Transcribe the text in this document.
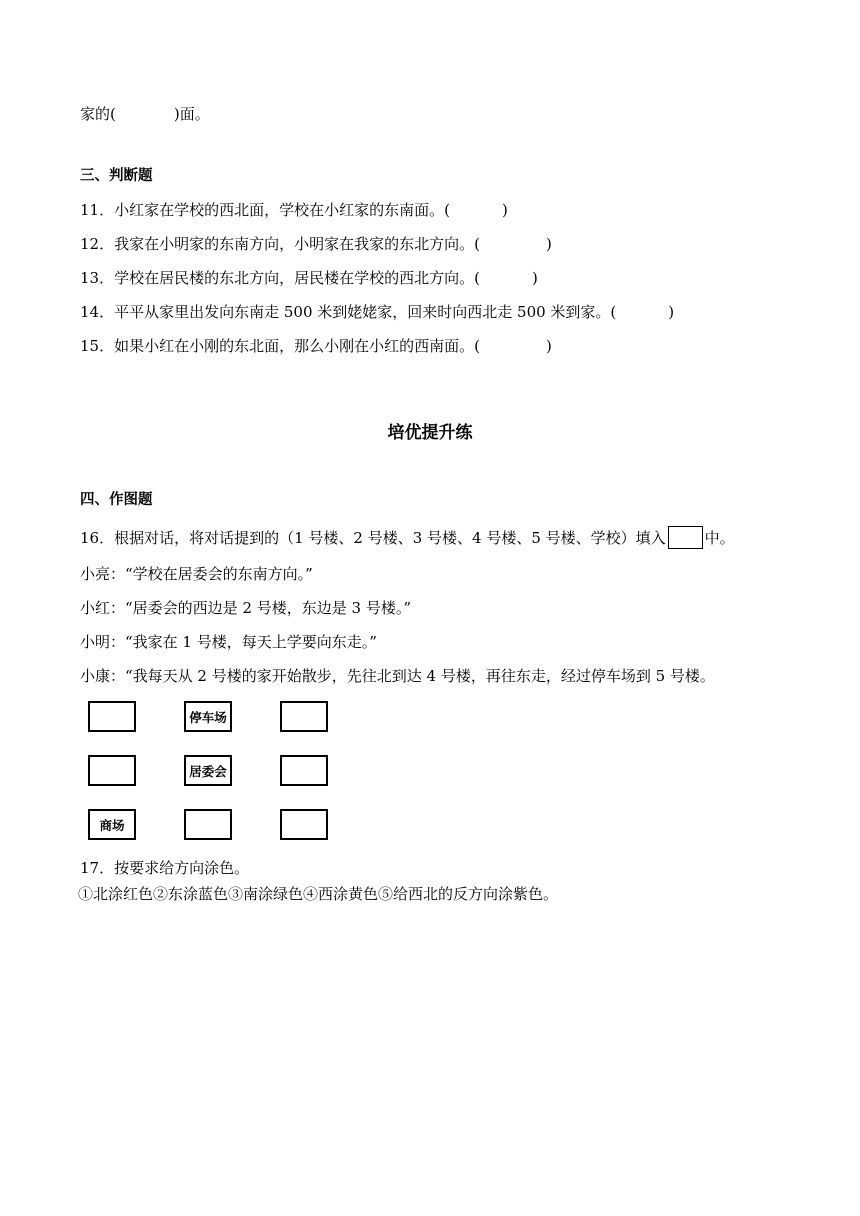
家的(	)面。
三、判断题
11．小红家在学校的西北面，学校在小红家的东南面。(	)
12．我家在小明家的东南方向，小明家在我家的东北方向。(	)
13．学校在居民楼的东北方向，居民楼在学校的西北方向。(	)
14．平平从家里出发向东南走 500 米到姥姥家，回来时向西北走 500 米到家。(	)
15．如果小红在小刚的东北面，那么小刚在小红的西南面。(	)
培优提升练
四、作图题
16．根据对话，将对话提到的（1 号楼、2 号楼、3 号楼、4 号楼、5 号楼、学校）填入	中。
小亮：“学校在居委会的东南方向。”
小红：“居委会的西边是 2 号楼，东边是 3 号楼。”
小明：“我家在 1 号楼，每天上学要向东走。”
小康：“我每天从 2 号楼的家开始散步，先往北到达 4 号楼，再往东走，经过停车场到 5 号楼。
停车场
居委会
商场
17．按要求给方向涂色。
①北涂红色②东涂蓝色③南涂绿色④西涂黄色⑤给西北的反方向涂紫色。
